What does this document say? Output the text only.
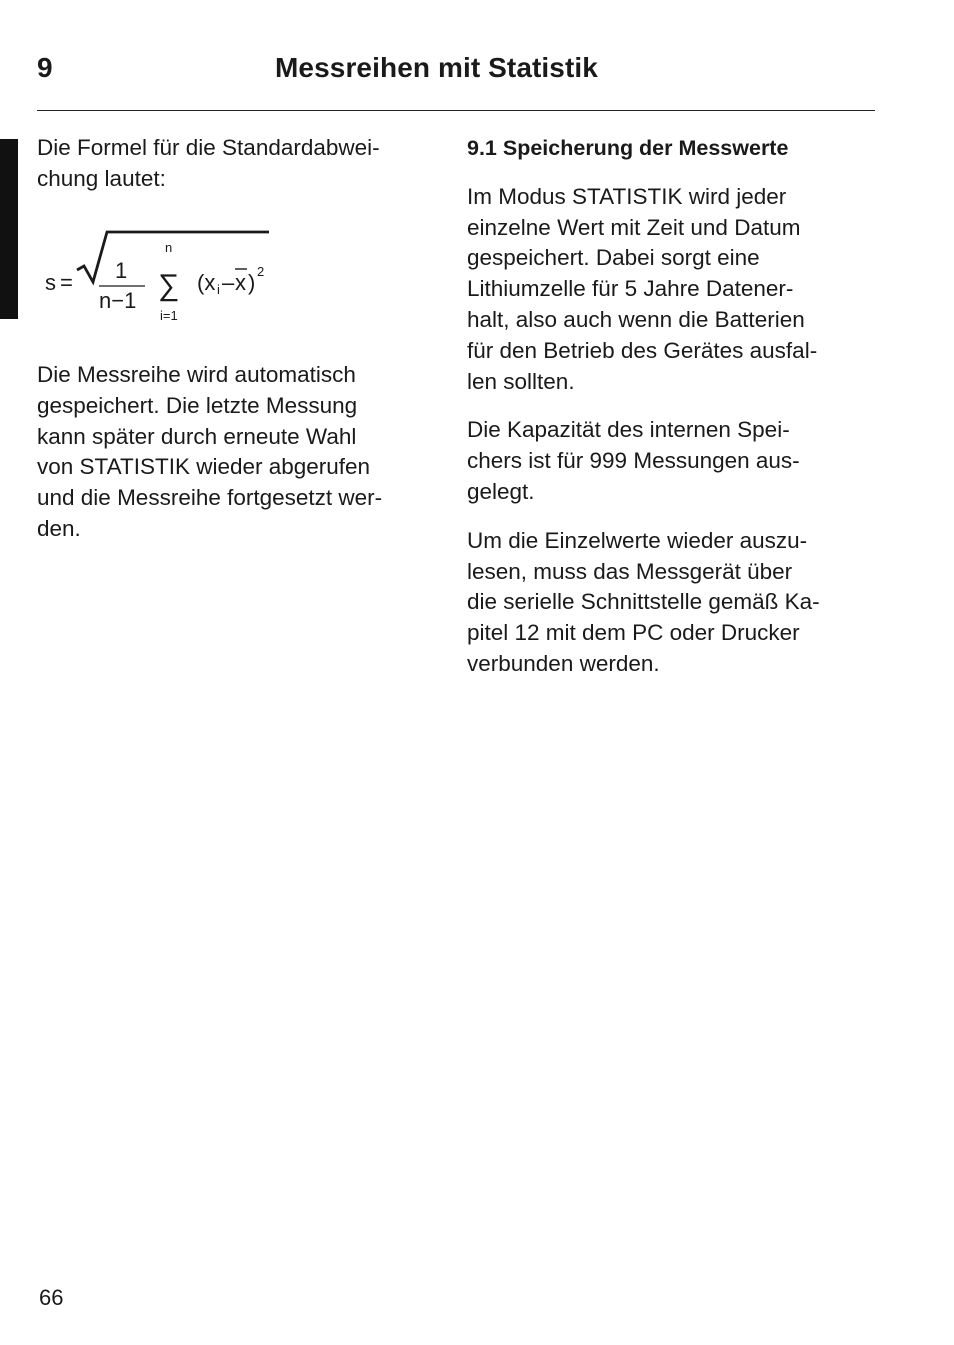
9	Messreihen mit Statistik

Die Formel für die Standardabwei-
chung lautet:

s = 1
n−1
n
∑
i=1
(x i – x ) 2

Die Messreihe wird automatisch
gespeichert. Die letzte Messung
kann später durch erneute Wahl
von STATISTIK wieder abgerufen
und die Messreihe fortgesetzt wer-
den.

9.1 Speicherung der Messwerte

Im Modus STATISTIK wird jeder
einzelne Wert mit Zeit und Datum
gespeichert. Dabei sorgt eine
Lithiumzelle für 5 Jahre Datener-
halt, also auch wenn die Batterien
für den Betrieb des Gerätes ausfal-
len sollten.

Die Kapazität des internen Spei-
chers ist für 999 Messungen aus-
gelegt.

Um die Einzelwerte wieder auszu-
lesen, muss das Messgerät über
die serielle Schnittstelle gemäß Ka-
pitel 12 mit dem PC oder Drucker
verbunden werden.

66
